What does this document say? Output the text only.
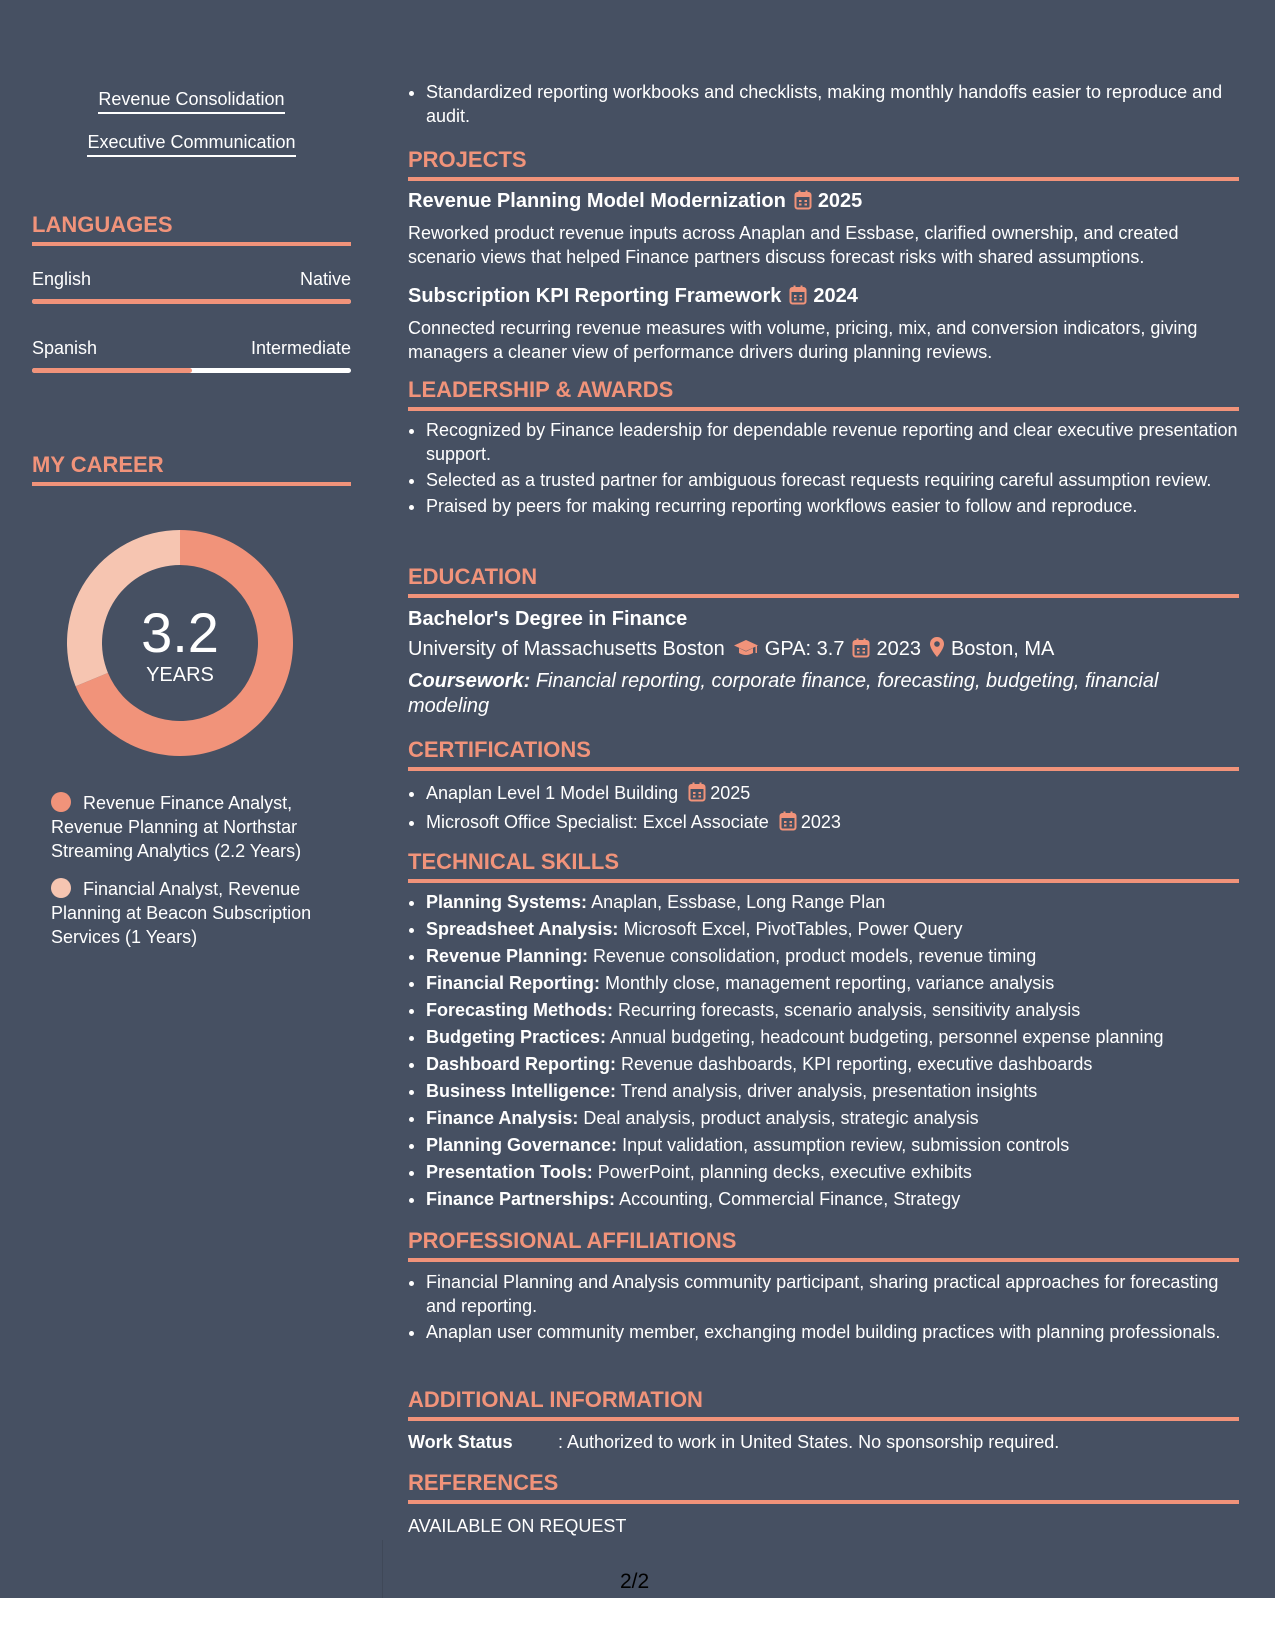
Revenue Consolidation
Executive Communication
LANGUAGES
English	Native
Spanish	Intermediate
MY CAREER
3.2
YEARS
Revenue Finance Analyst, Revenue Planning at Northstar Streaming Analytics (2.2 Years)
Financial Analyst, Revenue Planning at Beacon Subscription Services (1 Years)
• Standardized reporting workbooks and checklists, making monthly handoffs easier to reproduce and audit.
PROJECTS
Revenue Planning Model Modernization 2025
Reworked product revenue inputs across Anaplan and Essbase, clarified ownership, and created scenario views that helped Finance partners discuss forecast risks with shared assumptions.
Subscription KPI Reporting Framework 2024
Connected recurring revenue measures with volume, pricing, mix, and conversion indicators, giving managers a cleaner view of performance drivers during planning reviews.
LEADERSHIP & AWARDS
• Recognized by Finance leadership for dependable revenue reporting and clear executive presentation support.
• Selected as a trusted partner for ambiguous forecast requests requiring careful assumption review.
• Praised by peers for making recurring reporting workflows easier to follow and reproduce.
EDUCATION
Bachelor's Degree in Finance
University of Massachusetts Boston GPA: 3.7 2023 Boston, MA
Coursework: Financial reporting, corporate finance, forecasting, budgeting, financial modeling
CERTIFICATIONS
• Anaplan Level 1 Model Building 2025
• Microsoft Office Specialist: Excel Associate 2023
TECHNICAL SKILLS
• Planning Systems: Anaplan, Essbase, Long Range Plan
• Spreadsheet Analysis: Microsoft Excel, PivotTables, Power Query
• Revenue Planning: Revenue consolidation, product models, revenue timing
• Financial Reporting: Monthly close, management reporting, variance analysis
• Forecasting Methods: Recurring forecasts, scenario analysis, sensitivity analysis
• Budgeting Practices: Annual budgeting, headcount budgeting, personnel expense planning
• Dashboard Reporting: Revenue dashboards, KPI reporting, executive dashboards
• Business Intelligence: Trend analysis, driver analysis, presentation insights
• Finance Analysis: Deal analysis, product analysis, strategic analysis
• Planning Governance: Input validation, assumption review, submission controls
• Presentation Tools: PowerPoint, planning decks, executive exhibits
• Finance Partnerships: Accounting, Commercial Finance, Strategy
PROFESSIONAL AFFILIATIONS
• Financial Planning and Analysis community participant, sharing practical approaches for forecasting and reporting.
• Anaplan user community member, exchanging model building practices with planning professionals.
ADDITIONAL INFORMATION
Work Status	: Authorized to work in United States. No sponsorship required.
REFERENCES
AVAILABLE ON REQUEST
2/2
